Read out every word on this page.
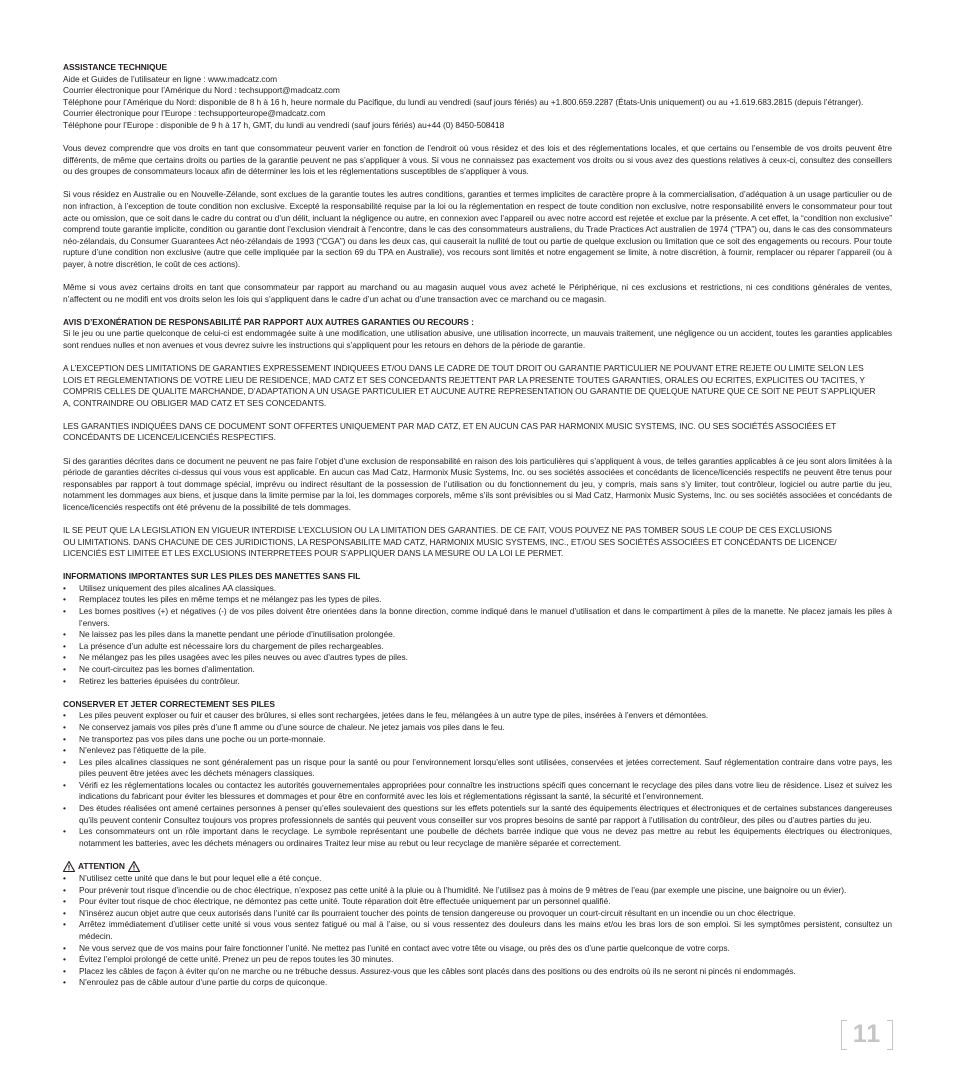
ASSISTANCE TECHNIQUE
Aide et Guides de l’utilisateur en ligne : www.madcatz.com
Courrier électronique pour l’Amérique du Nord : techsupport@madcatz.com
Téléphone pour l’Amérique du Nord: disponible de 8 h à 16 h, heure normale du Pacifique, du lundi au vendredi (sauf jours fériés) au +1.800.659.2287 (États-Unis uniquement) ou au +1.619.683.2815 (depuis l’étranger).
Courrier électronique pour l’Europe : techsupporteurope@madcatz.com
Téléphone pour l’Europe : disponible de 9 h à 17 h, GMT, du lundi au vendredi (sauf jours fériés) au+44 (0) 8450-508418

Vous devez comprendre que vos droits en tant que consommateur peuvent varier en fonction de l’endroit où vous résidez et des lois et des réglementations locales, et que certains ou l’ensemble de vos droits peuvent être différents, de même que certains droits ou parties de la garantie peuvent ne pas s’appliquer à vous. Si vous ne connaissez pas exactement vos droits ou si vous avez des questions relatives à ceux-ci, consultez des conseillers ou des groupes de consommateurs locaux afin de déterminer les lois et les réglementations susceptibles de s’appliquer à vous.

Si vous résidez en Australie ou en Nouvelle-Zélande, sont exclues de la garantie toutes les autres conditions, garanties et termes implicites de caractère propre à la commercialisation, d’adéquation à un usage particulier ou de non infraction, à l’exception de toute condition non exclusive. Excepté la responsabilité requise par la loi ou la réglementation en respect de toute condition non exclusive, notre responsabilité envers le consommateur pour tout acte ou omission, que ce soit dans le cadre du contrat ou d’un délit, incluant la négligence ou autre, en connexion avec l’appareil ou avec notre accord est rejetée et exclue par la présente. A cet effet, la “condition non exclusive” comprend toute garantie implicite, condition ou garantie dont l’exclusion viendrait à l’encontre, dans le cas des consommateurs australiens, du Trade Practices Act australien de 1974 (“TPA”) ou, dans le cas des consommateurs néo-zélandais, du Consumer Guarantees Act néo-zélandais de 1993 (“CGA”) ou dans les deux cas, qui causerait la nullité de tout ou partie de quelque exclusion ou limitation que ce soit des engagements ou recours. Pour toute rupture d’une condition non exclusive (autre que celle impliquée par la section 69 du TPA en Australie), vos recours sont limités et notre engagement se limite, à notre discrétion, à fournir, remplacer ou réparer l’appareil (ou à payer, à notre discrétion, le coût de ces actions).

Même si vous avez certains droits en tant que consommateur par rapport au marchand ou au magasin auquel vous avez acheté le Périphérique, ni ces exclusions et restrictions, ni ces conditions générales de ventes, n’affectent ou ne modifi ent vos droits selon les lois qui s’appliquent dans le cadre d’un achat ou d’une transaction avec ce marchand ou ce magasin.

AVIS D’EXONÉRATION DE RESPONSABILITÉ PAR RAPPORT AUX AUTRES GARANTIES OU RECOURS :
Si le jeu ou une partie quelconque de celui-ci est endommagée suite à une modification, une utilisation abusive, une utilisation incorrecte, un mauvais traitement, une négligence ou un accident, toutes les garanties applicables sont rendues nulles et non avenues et vous devrez suivre les instructions qui s’appliquent pour les retours en dehors de la période de garantie.
A L’EXCEPTION DES LIMITATIONS DE GARANTIES EXPRESSEMENT INDIQUEES ET/OU DANS LE CADRE DE TOUT DROIT OU GARANTIE PARTICULIER NE POUVANT ETRE REJETE OU LIMITE SELON LES
LOIS ET REGLEMENTATIONS DE VOTRE LIEU DE RESIDENCE, MAD CATZ ET SES CONCEDANTS REJETTENT PAR LA PRESENTE TOUTES GARANTIES, ORALES OU ECRITES, EXPLICITES OU TACITES, Y
COMPRIS CELLES DE QUALITE MARCHANDE, D’ADAPTATION A UN USAGE PARTICULIER ET AUCUNE AUTRE REPRESENTATION OU GARANTIE DE QUELQUE NATURE QUE CE SOIT NE PEUT S’APPLIQUER
A, CONTRAINDRE OU OBLIGER MAD CATZ ET SES CONCEDANTS.
LES GARANTIES INDIQUÉES DANS CE DOCUMENT SONT OFFERTES UNIQUEMENT PAR MAD CATZ, ET EN AUCUN CAS PAR HARMONIX MUSIC SYSTEMS, INC. OU SES SOCIÉTÉS ASSOCIÉES ET
CONCÉDANTS DE LICENCE/LICENCIÉS RESPECTIFS.

Si des garanties décrites dans ce document ne peuvent ne pas faire l’objet d’une exclusion de responsabilité en raison des lois particulières qui s’appliquent à vous, de telles garanties applicables à ce jeu sont alors limitées à la période de garanties décrites ci-dessus qui vous vous est applicable. En aucun cas Mad Catz, Harmonix Music Systems, Inc. ou ses sociétés associées et concédants de licence/licenciés respectifs ne peuvent être tenus pour responsables par rapport à tout dommage spécial, imprévu ou indirect résultant de la possession de l’utilisation ou du fonctionnement du jeu, y compris, mais sans s’y limiter, tout contrôleur, logiciel ou autre partie du jeu, notamment les dommages aux biens, et jusque dans la limite permise par la loi, les dommages corporels, même s’ils sont prévisibles ou si Mad Catz, Harmonix Music Systems, Inc. ou ses sociétés associées et concédants de licence/licenciés respectifs ont été prévenu de la possibilité de tels dommages.

IL SE PEUT QUE LA LEGISLATION EN VIGUEUR INTERDISE L’EXCLUSION OU LA LIMITATION DES GARANTIES. DE CE FAIT, VOUS POUVEZ NE PAS TOMBER SOUS LE COUP DE CES EXCLUSIONS
OU LIMITATIONS. DANS CHACUNE DE CES JURIDICTIONS, LA RESPONSABILITE MAD CATZ, HARMONIX MUSIC SYSTEMS, INC., ET/OU SES SOCIÉTÉS ASSOCIÉES ET CONCÉDANTS DE LICENCE/
LICENCIÉS EST LIMITEE ET LES EXCLUSIONS INTERPRETEES POUR S’APPLIQUER DANS LA MESURE OU LA LOI LE PERMET.
INFORMATIONS IMPORTANTES SUR LES PILES DES MANETTES SANS FIL
• Utilisez uniquement des piles alcalines AA classiques.
• Remplacez toutes les piles en même temps et ne mélangez pas les types de piles.
• Les bornes positives (+) et négatives (-) de vos piles doivent être orientées dans la bonne direction, comme indiqué dans le manuel d’utilisation et dans le compartiment à piles de la manette. Ne placez jamais les piles à l’envers.
• Ne laissez pas les piles dans la manette pendant une période d’inutilisation prolongée.
• La présence d’un adulte est nécessaire lors du chargement de piles rechargeables.
• Ne mélangez pas les piles usagées avec les piles neuves ou avec d’autres types de piles.
• Ne court-circuitez pas les bornes d’alimentation.
• Retirez les batteries épuisées du contrôleur.
CONSERVER ET JETER CORRECTEMENT SES PILES
• Les piles peuvent exploser ou fuir et causer des brûlures, si elles sont rechargées, jetées dans le feu, mélangées à un autre type de piles, insérées à l’envers et démontées.
• Ne conservez jamais vos piles près d’une fl amme ou d’une source de chaleur. Ne jetez jamais vos piles dans le feu.
• Ne transportez pas vos piles dans une poche ou un porte-monnaie.
• N’enlevez pas l’étiquette de la pile.
• Les piles alcalines classiques ne sont généralement pas un risque pour la santé ou pour l’environnement lorsqu’elles sont utilisées, conservées et jetées correctement. Sauf réglementation contraire dans votre pays, les piles peuvent être jetées avec les déchets ménagers classiques.
• Vérifi ez les réglementations locales ou contactez les autorités gouvernementales appropriées pour connaître les instructions spécifi ques concernant le recyclage des piles dans votre lieu de résidence. Lisez et suivez les indications du fabricant pour éviter les blessures et dommages et pour être en conformité avec les lois et réglementations régissant la santé, la sécurité et l’environnement.
• Des études réalisées ont amené certaines personnes à penser qu’elles soulevaient des questions sur les effets potentiels sur la santé des équipements électriques et électroniques et de certaines substances dangereuses qu’ils peuvent contenir Consultez toujours vos propres professionnels de santés qui peuvent vous conseiller sur vos propres besoins de santé par rapport à l’utilisation du contrôleur, des piles ou d’autres parties du jeu.
• Les consommateurs ont un rôle important dans le recyclage. Le symbole représentant une poubelle de déchets barrée indique que vous ne devez pas mettre au rebut les équipements électriques ou électroniques, notamment les batteries, avec les déchets ménagers ou ordinaires Traitez leur mise au rebut ou leur recyclage de manière séparée et correctement.
ATTENTION
• N’utilisez cette unité que dans le but pour lequel elle a été conçue.
• Pour prévenir tout risque d’incendie ou de choc électrique, n’exposez pas cette unité à la pluie ou à l’humidité. Ne l’utilisez pas à moins de 9 mètres de l’eau (par exemple une piscine, une baignoire ou un évier).
• Pour éviter tout risque de choc électrique, ne démontez pas cette unité. Toute réparation doit être effectuée uniquement par un personnel qualifié.
• N’insérez aucun objet autre que ceux autorisés dans l’unité car ils pourraient toucher des points de tension dangereuse ou provoquer un court-circuit résultant en un incendie ou un choc électrique.
• Arrêtez immédiatement d’utiliser cette unité si vous vous sentez fatigué ou mal à l’aise, ou si vous ressentez des douleurs dans les mains et/ou les bras lors de son emploi. Si les symptômes persistent, consultez un médecin.
• Ne vous servez que de vos mains pour faire fonctionner l’unité. Ne mettez pas l’unité en contact avec votre tête ou visage, ou près des os d’une partie quelconque de votre corps.
• Évitez l’emploi prolongé de cette unité. Prenez un peu de repos toutes les 30 minutes.
• Placez les câbles de façon à éviter qu’on ne marche ou ne trébuche dessus. Assurez-vous que les câbles sont placés dans des positions ou des endroits où ils ne seront ni pincés ni endommagés.
• N’enroulez pas de câble autour d’une partie du corps de quiconque.
11
